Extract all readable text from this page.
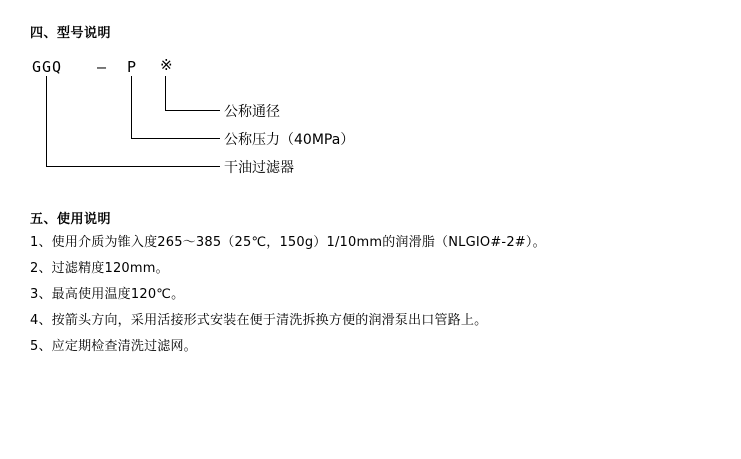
四、型号说明
GGQ — P ※
公称通径
公称压力（40MPa）
干油过滤器
五、使用说明
1、使用介质为锥入度265～385（25℃，150g）1/10mm的润滑脂（NLGIO#-2#）。
2、过滤精度120mm。
3、最高使用温度120℃。
4、按箭头方向，采用活接形式安装在便于清洗拆换方便的润滑泵出口管路上。
5、应定期检查清洗过滤网。
